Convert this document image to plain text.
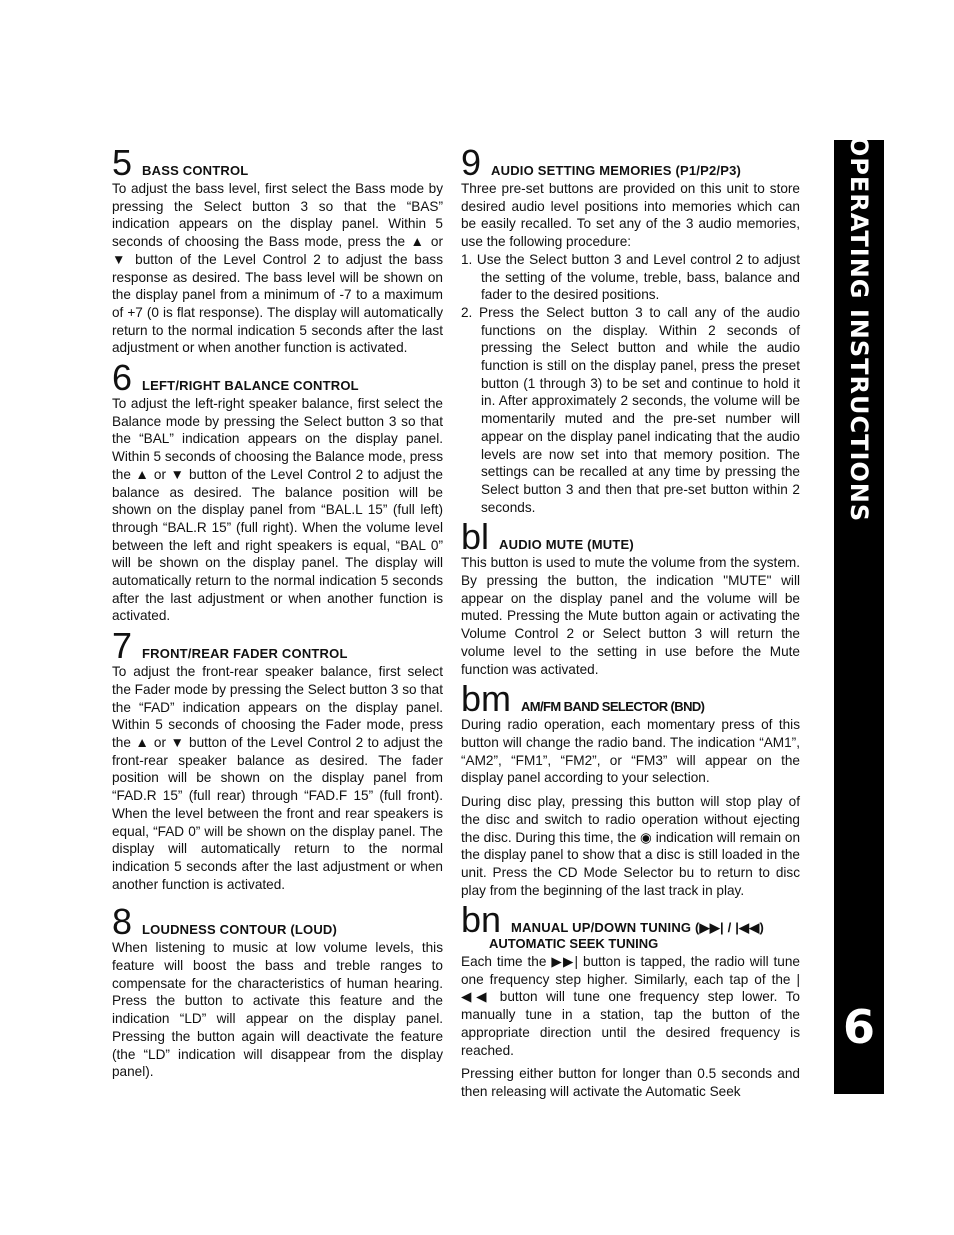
5 BASS CONTROL

To adjust the bass level, first select the Bass mode by pressing the Select button 3 so that the “BAS” indication appears on the display panel. Within 5 seconds of choosing the Bass mode, press the ▲ or ▼ button of the Level Control 2 to adjust the bass response as desired. The bass level will be shown on the display panel from a minimum of -7 to a maximum of +7 (0 is flat response). The display will automatically return to the normal indication 5 seconds after the last adjustment or when another function is activated.

6 LEFT/RIGHT BALANCE CONTROL

To adjust the left-right speaker balance, first select the Balance mode by pressing the Select button 3 so that the “BAL” indication appears on the display panel. Within 5 seconds of choosing the Balance mode, press the ▲ or ▼ button of the Level Control 2 to adjust the balance as desired. The balance position will be shown on the display panel from “BAL.L 15” (full left) through “BAL.R 15” (full right). When the volume level between the left and right speakers is equal, “BAL 0” will be shown on the display panel. The display will automatically return to the normal indication 5 seconds after the last adjustment or when another function is activated.

7 FRONT/REAR FADER CONTROL

To adjust the front-rear speaker balance, first select the Fader mode by pressing the Select button 3 so that the “FAD” indication appears on the display panel. Within 5 seconds of choosing the Fader mode, press the ▲ or ▼ button of the Level Control 2 to adjust the front-rear speaker balance as desired. The fader position will be shown on the display panel from “FAD.R 15” (full rear) through “FAD.F 15” (full front). When the level between the front and rear speakers is equal, “FAD 0” will be shown on the display panel. The display will automatically return to the normal indication 5 seconds after the last adjustment or when another function is activated.

8 LOUDNESS CONTOUR (LOUD)

When listening to music at low volume levels, this feature will boost the bass and treble ranges to compensate for the characteristics of human hearing. Press the button to activate this feature and the indication “LD” will appear on the display panel. Pressing the button again will deactivate the feature (the “LD” indication will disappear from the display panel).

9 AUDIO SETTING MEMORIES (P1/P2/P3)

Three pre-set buttons are provided on this unit to store desired audio level positions into memories which can be easily recalled. To set any of the 3 audio memories, use the following procedure:

1. Use the Select button 3 and Level control 2 to adjust the setting of the volume, treble, bass, balance and fader to the desired positions.
2. Press the Select button 3 to call any of the audio functions on the display. Within 2 seconds of pressing the Select button and while the audio function is still on the display panel, press the preset button (1 through 3) to be set and continue to hold it in. After approximately 2 seconds, the volume will be momentarily muted and the pre-set number will appear on the display panel indicating that the audio levels are now set into that memory position. The settings can be recalled at any time by pressing the Select button 3 and then that pre-set button within 2 seconds.
bl AUDIO MUTE (MUTE)

This button is used to mute the volume from the system. By pressing the button, the indication "MUTE" will appear on the display panel and the volume will be muted. Pressing the Mute button again or activating the Volume Control 2 or Select button 3 will return the volume level to the setting in use before the Mute function was activated.

bm AM/FM BAND SELECTOR (BND)

During radio operation, each momentary press of this button will change the radio band. The indication “AM1”, “AM2”, “FM1”, “FM2”, or “FM3” will appear on the display panel according to your selection.

During disc play, pressing this button will stop play of the disc and switch to radio operation without ejecting the disc. During this time, the ◉ indication will remain on the display panel to show that a disc is still loaded in the unit. Press the CD Mode Selector bu to return to disc play from the beginning of the last track in play.

bn MANUAL UP/DOWN TUNING (▶▶| / |◀◀)
AUTOMATIC SEEK TUNING

Each time the ▶▶| button is tapped, the radio will tune one frequency step higher. Similarly, each tap of the |◀◀ button will tune one frequency step lower. To manually tune in a station, tap the button of the appropriate direction until the desired frequency is reached.

Pressing either button for longer than 0.5 seconds and then releasing will activate the Automatic Seek

OPERATING INSTRUCTIONS
6
